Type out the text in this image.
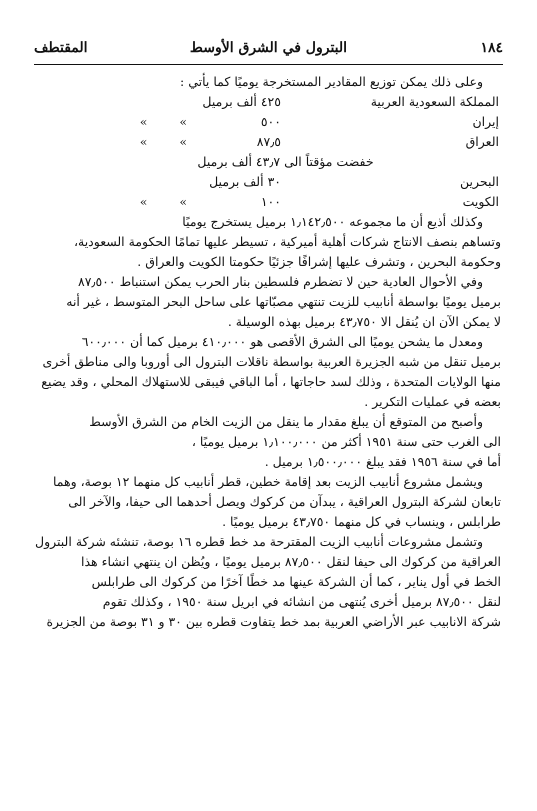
١٨٤
البترول في الشرق الأوسط
المقتطف
وعلى ذلك يمكن توزيع المقادير المستخرجة يوميًا كما يأتي :
المملكة السعودية العربية
٤٢٥ ألف برميل
إيران
٥٠٠
» »
العراق
٨٧٫٥
» »
خفضت مؤقتاً الى ٤٣٫٧ ألف برميل
البحرين
٣٠ ألف برميل
الكويت
١٠٠
» »
وكذلك أذيع أن ما مجموعه ١٫١٤٢٫٥٠٠ برميل يستخرج يوميًا
وتساهم بنصف الانتاج شركات أهلية أميركية ، تسيطر عليها تمامًا الحكومة السعودية،
وحكومة البحرين ، وتشرف عليها إشرافًا جزئيًا حكومتا الكويت والعراق .
وفي الأحوال العادية حين لا تضطرم فلسطين بنار الحرب يمكن استنباط ٨٧٫٥٠٠
برميل يوميًا بواسطة أنابيب للزيت تنتهي مصبّاتها على ساحل البحر المتوسط ، غير أنه
لا يمكن الآن ان يُنقل الا ٤٣٫٧٥٠ برميل بهذه الوسيلة .
ومعدل ما يشحن يوميًا الى الشرق الأقصى هو ٤١٠٫٠٠٠ برميل كما أن ٦٠٠٫٠٠٠
برميل تنقل من شبه الجزيرة العربية بواسطة ناقلات البترول الى أوروبا والى مناطق أخرى
منها الولايات المتحدة ، وذلك لسد حاجاتها ، أما الباقي فيبقى للاستهلاك المحلي ، وقد يضيع
بعضه في عمليات التكرير .
وأصبح من المتوقع أن يبلغ مقدار ما ينقل من الزيت الخام من الشرق الأوسط
الى الغرب حتى سنة ١٩٥١ أكثر من ١٫١٠٠٫٠٠٠ برميل يوميًا ،
أما في سنة ١٩٥٦ فقد يبلغ ١٫٥٠٠٫٠٠٠ برميل .
ويشمل مشروع أنابيب الزيت بعد إقامة خطين، قطر أنابيب كل منهما ١٢ بوصة، وهما
تابعان لشركة البترول العراقية ، يبدآن من كركوك ويصل أحدهما الى حيفا، والآخر الى
طرابلس ، وينساب في كل منهما ٤٣٫٧٥٠ برميل يوميًا .
وتشمل مشروعات أنابيب الزيت المقترحة مد خط قطره ١٦ بوصة، تنشئه شركة البترول
العراقية من كركوك الى حيفا لنقل ٨٧٫٥٠٠ برميل يوميًا ، ويُظن ان ينتهي انشاء هذا
الخط في أول يناير ، كما أن الشركة عينها مد خطًا آخرًا من كركوك الى طرابلس
لنقل ٨٧٫٥٠٠ برميل أخرى يُنتهى من انشائه في ابريل سنة ١٩٥٠ ، وكذلك تقوم
شركة الانابيب عبر الأراضي العربية بمد خط يتفاوت قطره بين ٣٠ و ٣١ بوصة من الجزيرة
